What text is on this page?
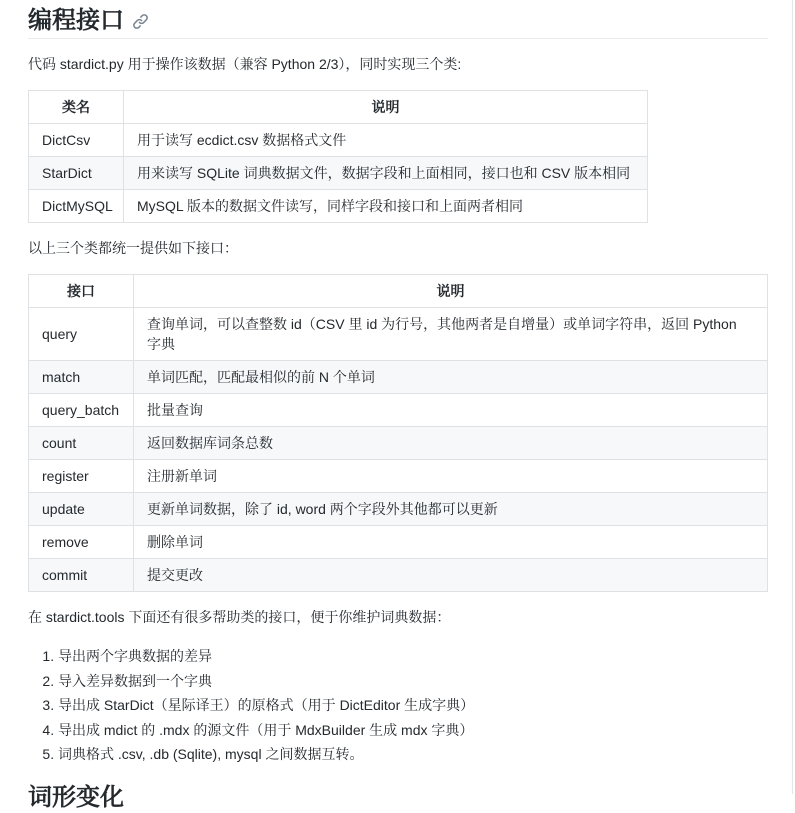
编程接口

代码 stardict.py 用于操作该数据（兼容 Python 2/3），同时实现三个类:

类名	说明
DictCsv	用于读写 ecdict.csv 数据格式文件
StarDict	用来读写 SQLite 词典数据文件，数据字段和上面相同，接口也和 CSV 版本相同
DictMySQL	MySQL 版本的数据文件读写，同样字段和接口和上面两者相同

以上三个类都统一提供如下接口：

接口	说明
query	查询单词，可以查整数 id（CSV 里 id 为行号，其他两者是自增量）或单词字符串，返回 Python 字典
match	单词匹配，匹配最相似的前 N 个单词
query_batch	批量查询
count	返回数据库词条总数
register	注册新单词
update	更新单词数据，除了 id, word 两个字段外其他都可以更新
remove	删除单词
commit	提交更改

在 stardict.tools 下面还有很多帮助类的接口，便于你维护词典数据：

1. 导出两个字典数据的差异
2. 导入差异数据到一个字典
3. 导出成 StarDict（星际译王）的原格式（用于 DictEditor 生成字典）
4. 导出成 mdict 的 .mdx 的源文件（用于 MdxBuilder 生成 mdx 字典）
5. 词典格式 .csv, .db (Sqlite), mysql 之间数据互转。
词形变化
